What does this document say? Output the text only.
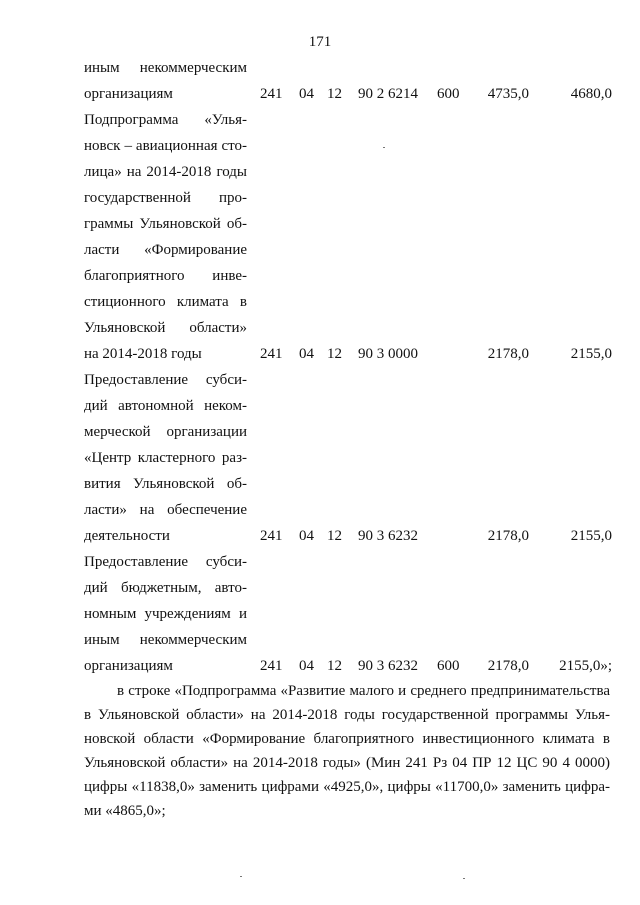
171
иным некоммерческим
организациям	241 04 12 90 2 6214 600 4735,0	4680,0
Подпрограмма «Улья-
новск – авиационная сто-
лица» на 2014-2018 годы
государственной про-
граммы Ульяновской об-
ласти «Формирование
благоприятного инве-
стиционного климата в
Ульяновской области»
на 2014-2018 годы	241 04 12 90 3 0000	2178,0	2155,0
Предоставление субси-
дий автономной неком-
мерческой организации
«Центр кластерного раз-
вития Ульяновской об-
ласти» на обеспечение
деятельности	241 04 12 90 3 6232	2178,0	2155,0
Предоставление субси-
дий бюджетным, авто-
номным учреждениям и
иным некоммерческим
организациям	241 04 12 90 3 6232 600 2178,0 2155,0»;
в строке «Подпрограмма «Развитие малого и среднего предпринимательства
в Ульяновской области» на 2014-2018 годы государственной программы Улья-
новской области «Формирование благоприятного инвестиционного климата в
Ульяновской области» на 2014-2018 годы» (Мин 241 Рз 04 ПР 12 ЦС 90 4 0000)
цифры «11838,0» заменить цифрами «4925,0», цифры «11700,0» заменить цифра-
ми «4865,0»;
